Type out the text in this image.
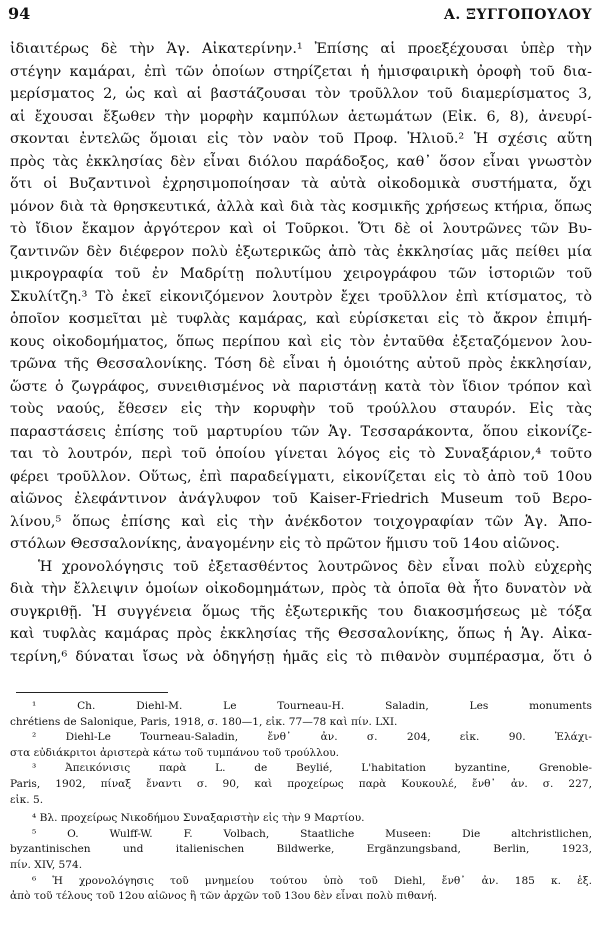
94	Α. ΞΥΓΓΟΠΟΥΛΟΥ
ἰδιαιτέρως δὲ τὴν Ἁγ. Αἰκατερίνην.¹ Ἐπίσης αἱ προεξέχουσαι ὑπὲρ τὴν
στέγην καμάραι, ἐπὶ τῶν ὁποίων στηρίζεται ἡ ἡμισφαιρικὴ ὀροφὴ τοῦ δια-
μερίσματος 2, ὡς καὶ αἱ βαστάζουσαι τὸν τροῦλλον τοῦ διαμερίσματος 3,
αἱ ἔχουσαι ἔξωθεν τὴν μορφὴν καμπύλων ἀετωμάτων (Εἰκ. 6, 8), ἀνευρί-
σκονται ἐντελῶς ὅμοιαι εἰς τὸν ναὸν τοῦ Προφ. Ἡλιοῦ.² Ἡ σχέσις αὕτη
πρὸς τὰς ἐκκλησίας δὲν εἶναι διόλου παράδοξος, καθ᾽ ὅσον εἶναι γνωστὸν
ὅτι οἱ Βυζαντινοὶ ἐχρησιμοποίησαν τὰ αὐτὰ οἰκοδομικὰ συστήματα, ὄχι
μόνον διὰ τὰ θρησκευτικά, ἀλλὰ καὶ διὰ τὰς κοσμικῆς χρήσεως κτήρια, ὅπως
τὸ ἴδιον ἔκαμον ἀργότερον καὶ οἱ Τοῦρκοι. Ὅτι δὲ οἱ λουτρῶνες τῶν Βυ-
ζαντινῶν δὲν διέφερον πολὺ ἐξωτερικῶς ἀπὸ τὰς ἐκκλησίας μᾶς πείθει μία
μικρογραφία τοῦ ἐν Μαδρίτῃ πολυτίμου χειρογράφου τῶν ἱστοριῶν τοῦ
Σκυλίτζη.³ Τὸ ἐκεῖ εἰκονιζόμενον λουτρὸν ἔχει τροῦλλον ἐπὶ κτίσματος, τὸ
ὁποῖον κοσμεῖται μὲ τυφλὰς καμάρας, καὶ εὑρίσκεται εἰς τὸ ἄκρον ἐπιμή-
κους οἰκοδομήματος, ὅπως περίπου καὶ εἰς τὸν ἐνταῦθα ἐξεταζόμενον λου-
τρῶνα τῆς Θεσσαλονίκης. Τόση δὲ εἶναι ἡ ὁμοιότης αὐτοῦ πρὸς ἐκκλησίαν,
ὥστε ὁ ζωγράφος, συνειθισμένος νὰ παριστάνῃ κατὰ τὸν ἴδιον τρόπον καὶ
τοὺς ναούς, ἔθεσεν εἰς τὴν κορυφὴν τοῦ τρούλλου σταυρόν. Εἰς τὰς
παραστάσεις ἐπίσης τοῦ μαρτυρίου τῶν Ἁγ. Τεσσαράκοντα, ὅπου εἰκονίζε-
ται τὸ λουτρόν, περὶ τοῦ ὁποίου γίνεται λόγος εἰς τὸ Συναξάριον,⁴ τοῦτο
φέρει τροῦλλον. Οὕτως, ἐπὶ παραδείγματι, εἰκονίζεται εἰς τὸ ἀπὸ τοῦ 10ου
αἰῶνος ἐλεφάντινον ἀνάγλυφον τοῦ Kaiser-Friedrich Museum τοῦ Βερο-
λίνου,⁵ ὅπως ἐπίσης καὶ εἰς τὴν ἀνέκδοτον τοιχογραφίαν τῶν Ἁγ. Ἀπο-
στόλων Θεσσαλονίκης, ἀναγομένην εἰς τὸ πρῶτον ἥμισυ τοῦ 14ου αἰῶνος.
Ἡ χρονολόγησις τοῦ ἐξετασθέντος λουτρῶνος δὲν εἶναι πολὺ εὐχερὴς
διὰ τὴν ἔλλειψιν ὁμοίων οἰκοδομημάτων, πρὸς τὰ ὁποῖα θὰ ἦτο δυνατὸν νὰ
συγκριθῇ. Ἡ συγγένεια ὅμως τῆς ἐξωτερικῆς του διακοσμήσεως μὲ τόξα
καὶ τυφλὰς καμάρας πρὸς ἐκκλησίας τῆς Θεσσαλονίκης, ὅπως ἡ Ἁγ. Αἰκα-
τερίνη,⁶ δύναται ἴσως νὰ ὁδηγήσῃ ἡμᾶς εἰς τὸ πιθανὸν συμπέρασμα, ὅτι ὁ
¹ Ch. Diehl-M. Le Tourneau-H. Saladin, Les monuments
chrétiens de Salonique, Paris, 1918, σ. 180—1, εἰκ. 77—78 καὶ πίν. LXI.
² Diehl-Le Tourneau-Saladin, ἔνθ᾽ ἀν. σ. 204, εἰκ. 90. Ἐλάχι-
στα εὐδιάκριτοι ἀριστερὰ κάτω τοῦ τυμπάνου τοῦ τρούλλου.
³ Ἀπεικόνισις παρὰ L. de Beylié, L'habitation byzantine, Grenoble-
Paris, 1902, πίναξ ἔναντι σ. 90, καὶ προχείρως παρὰ Κουκουλέ, ἔνθ᾽ ἀν. σ. 227,
εἰκ. 5.
⁴ Βλ. προχείρως Νικοδήμου Συναξαριστὴν εἰς τὴν 9 Μαρτίου.
⁵ O. Wulff-W. F. Volbach, Staatliche Museen: Die altchristlichen,
byzantinischen und italienischen Bildwerke, Ergänzungsband, Berlin, 1923,
πίν. XIV, 574.
⁶ Ἡ χρονολόγησις τοῦ μνημείου τούτου ὑπὸ τοῦ Diehl, ἔνθ᾽ ἀν. 185 κ. ἑξ.
ἀπὸ τοῦ τέλους τοῦ 12ου αἰῶνος ἢ τῶν ἀρχῶν τοῦ 13ου δὲν εἶναι πολὺ πιθανή.
